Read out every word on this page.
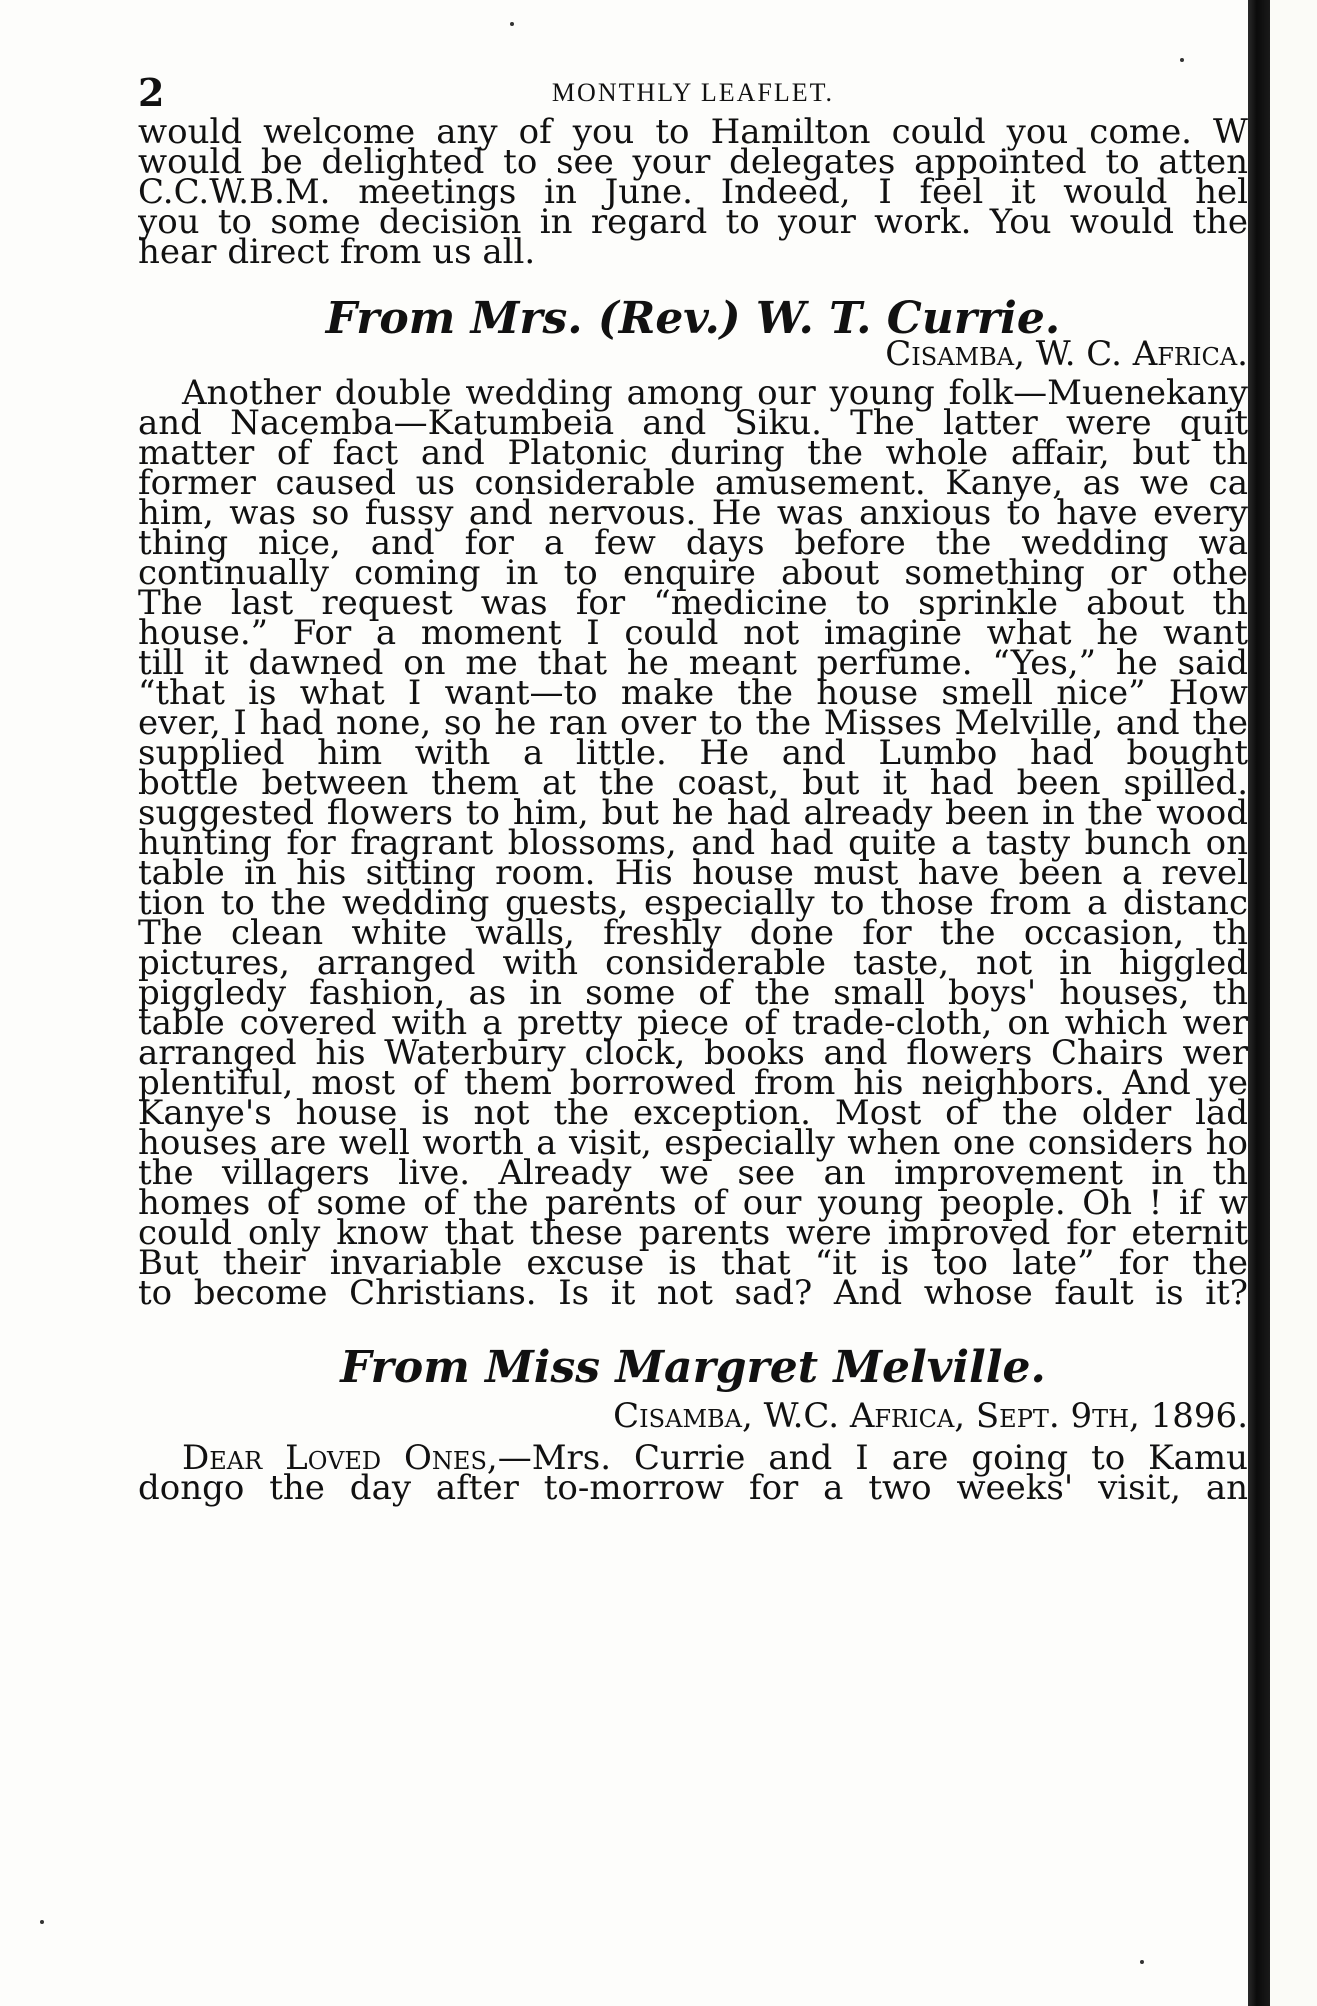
2	MONTHLY LEAFLET.
would welcome any of you to Hamilton could you come. W
would be delighted to see your delegates appointed to atten
C.C.W.B.M. meetings in June. Indeed, I feel it would hel
you to some decision in regard to your work. You would the
hear direct from us all.
From Mrs. (Rev.) W. T. Currie.
Cisamba, W. C. Africa.
Another double wedding among our young folk—Muenekany
and Nacemba—Katumbeia and Siku. The latter were quit
matter of fact and Platonic during the whole affair, but th
former caused us considerable amusement. Kanye, as we ca
him, was so fussy and nervous. He was anxious to have every
thing nice, and for a few days before the wedding wa
continually coming in to enquire about something or othe
The last request was for “medicine to sprinkle about th
house.” For a moment I could not imagine what he want
till it dawned on me that he meant perfume. “Yes,” he said
“that is what I want—to make the house smell nice” How
ever, I had none, so he ran over to the Misses Melville, and the
supplied him with a little. He and Lumbo had bought
bottle between them at the coast, but it had been spilled.
suggested flowers to him, but he had already been in the wood
hunting for fragrant blossoms, and had quite a tasty bunch on
table in his sitting room. His house must have been a revel
tion to the wedding guests, especially to those from a distanc
The clean white walls, freshly done for the occasion, th
pictures, arranged with considerable taste, not in higgled
piggledy fashion, as in some of the small boys' houses, th
table covered with a pretty piece of trade-cloth, on which wer
arranged his Waterbury clock, books and flowers Chairs wer
plentiful, most of them borrowed from his neighbors. And ye
Kanye's house is not the exception. Most of the older lad
houses are well worth a visit, especially when one considers ho
the villagers live. Already we see an improvement in th
homes of some of the parents of our young people. Oh ! if w
could only know that these parents were improved for eternit
But their invariable excuse is that “it is too late” for the
to become Christians. Is it not sad? And whose fault is it?
From Miss Margret Melville.
Cisamba, W.C. Africa, Sept. 9th, 1896.
Dear Loved Ones,—Mrs. Currie and I are going to Kamu
dongo the day after to-morrow for a two weeks' visit, an
